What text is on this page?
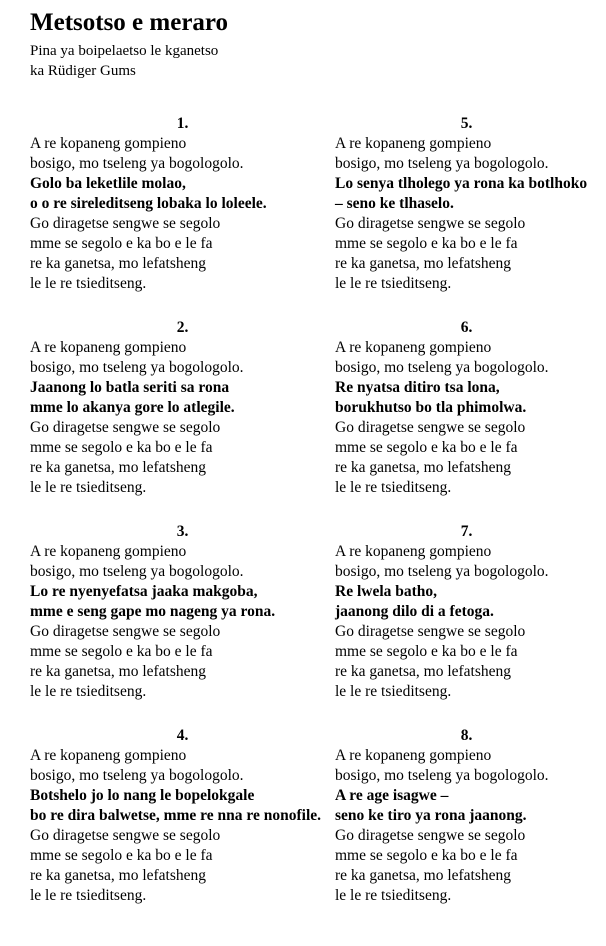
Metsotso e meraro
Pina ya boipelaetso le kganetso
ka Rüdiger Gums
1.
A re kopaneng gompieno
bosigo, mo tseleng ya bogologolo.
Golo ba leketlile molao,
o o re sireleditseng lobaka lo loleele.
Go diragetse sengwe se segolo
mme se segolo e ka bo e le fa
re ka ganetsa, mo lefatsheng
le le re tsieditseng.
2.
A re kopaneng gompieno
bosigo, mo tseleng ya bogologolo.
Jaanong lo batla seriti sa rona
mme lo akanya gore lo atlegile.
Go diragetse sengwe se segolo
mme se segolo e ka bo e le fa
re ka ganetsa, mo lefatsheng
le le re tsieditseng.
3.
A re kopaneng gompieno
bosigo, mo tseleng ya bogologolo.
Lo re nyenyefatsa jaaka makgoba,
mme e seng gape mo nageng ya rona.
Go diragetse sengwe se segolo
mme se segolo e ka bo e le fa
re ka ganetsa, mo lefatsheng
le le re tsieditseng.
4.
A re kopaneng gompieno
bosigo, mo tseleng ya bogologolo.
Botshelo jo lo nang le bopelokgale
bo re dira balwetse, mme re nna re nonofile.
Go diragetse sengwe se segolo
mme se segolo e ka bo e le fa
re ka ganetsa, mo lefatsheng
le le re tsieditseng.
5.
A re kopaneng gompieno
bosigo, mo tseleng ya bogologolo.
Lo senya tlholego ya rona ka botlhoko
– seno ke tlhaselo.
Go diragetse sengwe se segolo
mme se segolo e ka bo e le fa
re ka ganetsa, mo lefatsheng
le le re tsieditseng.
6.
A re kopaneng gompieno
bosigo, mo tseleng ya bogologolo.
Re nyatsa ditiro tsa lona,
borukhutso bo tla phimolwa.
Go diragetse sengwe se segolo
mme se segolo e ka bo e le fa
re ka ganetsa, mo lefatsheng
le le re tsieditseng.
7.
A re kopaneng gompieno
bosigo, mo tseleng ya bogologolo.
Re lwela batho,
jaanong dilo di a fetoga.
Go diragetse sengwe se segolo
mme se segolo e ka bo e le fa
re ka ganetsa, mo lefatsheng
le le re tsieditseng.
8.
A re kopaneng gompieno
bosigo, mo tseleng ya bogologolo.
A re age isagwe –
seno ke tiro ya rona jaanong.
Go diragetse sengwe se segolo
mme se segolo e ka bo e le fa
re ka ganetsa, mo lefatsheng
le le re tsieditseng.
